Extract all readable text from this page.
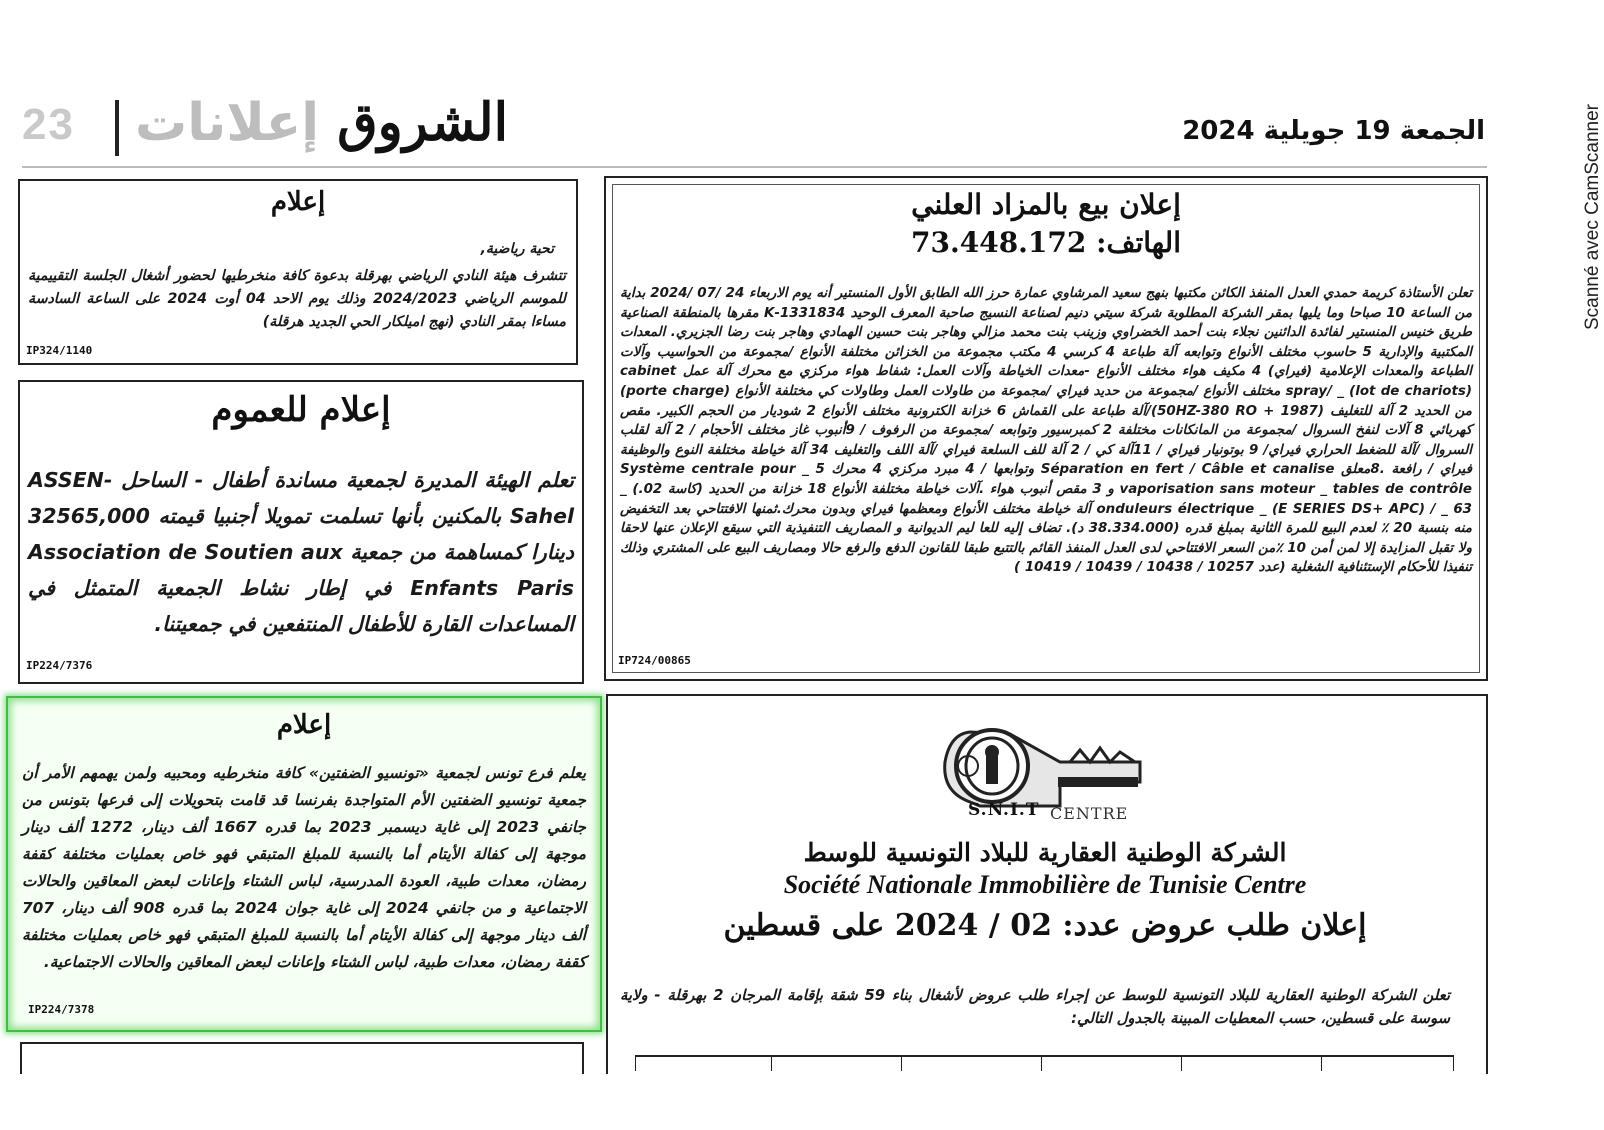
23	الشروق إعلانات	الجمعة 19 جويلية 2024	Scanné avec CamScanner
إعلان بيع بالمزاد العلني
الهاتف: 73.448.172
تعلن الأستاذة كريمة حمدي العدل المنفذ الكائن مكتبها بنهج سعيد المرشاوي عمارة حرز الله الطابق الأول المنستير أنه يوم الاربعاء 24 /07 /2024 بداية من الساعة 10 صباحا وما يليها بمقر الشركة المطلوبة شركة سيتي دنيم لصناعة النسيج صاحبة المعرف الوحيد 1331834-K مقرها بالمنطقة الصناعية طريق خنيس المنستير لفائدة الدائنين نجلاء بنت أحمد الخضراوي وزينب بنت محمد مزالي وهاجر بنت حسين الهمادي وهاجر بنت رضا الجزيري. المعدات المكتبية والإدارية 5 حاسوب مختلف الأنواع وتوابعه آلة طباعة 4 كرسي 4 مكتب مجموعة من الخزائن مختلفة الأنواع /مجموعة من الحواسيب وآلات الطباعة والمعدات الإعلامية (فيراي) 4 مكيف هواء مختلف الأنواع -معدات الخياطة وآلات العمل: شفاط هواء مركزي مع محرك آلة عمل cabinet spray/ _ (lot de chariots) مختلف الأنواع /مجموعة من حديد فيراي /مجموعة من طاولات العمل وطاولات كي مختلفة الأنواع (porte charge) من الحديد 2 آلة للتغليف (1987 + 50HZ-380 RO)/آلة طباعة على القماش 6 خزانة الكترونية مختلف الأنواع 2 شوديار من الحجم الكبير. مقص كهربائي 8 آلات لنفخ السروال /مجموعة من المانكانات مختلفة 2 كمبرسيور وتوابعه /مجموعة من الرفوف / 9أنبوب غاز مختلف الأحجام / 2 آلة لقلب السروال /آلة للضغط الحراري فيراي/ 9 بوتونيار فيراي / 11آلة كي / 2 آلة للف السلعة فيراي /آلة اللف والتغليف 34 آلة خياطة مختلفة النوع والوظيفة فيراي / رافعة .8معلق Séparation en fert / Câble et canalise وتوابعها / 4 مبرد مركزي 4 محرك 5 _ Système centrale pour vaporisation sans moteur _ tables de contrôle و 3 مقص أنبوب هواء .آلات خياطة مختلفة الأنواع 18 خزانة من الحديد (كاسة 02.) _ onduleurs électrique _ (E SERIES DS+ APC) / _ 63 آلة خياطة مختلف الأنواع ومعظمها فيراي وبدون محرك.ثمنها الافتتاحي بعد التخفيض منه بنسبة 20 ٪ لعدم البيع للمرة الثانية بمبلغ قدره (38.334.000 د). تضاف إليه للعا ليم الديوانية و المصاريف التنفيذية التي سيقع الإعلان عنها لاحقا ولا تقبل المزايدة إلا لمن أمن 10 ٪من السعر الافتتاحي لدى العدل المنفذ القائم بالتتبع طبقا للقانون الدفع والرفع حالا ومصاريف البيع على المشتري وذلك تنفيذا للأحكام الإستئنافية الشغلية (عدد 10257 / 10438 / 10439 / 10419 )
IP724/00865
إعلام
تحية رياضية,
تتشرف هيئة النادي الرياضي بهرقلة بدعوة كافة منخرطيها لحضور أشغال الجلسة التقييمية للموسم الرياضي 2024/2023 وذلك يوم الاحد 04 أوت 2024 على الساعة السادسة مساءا بمقر النادي (نهج اميلكار الحي الجديد هرقلة)
IP324/1140
إعلام للعموم
تعلم الهيئة المديرة لجمعية مساندة أطفال - الساحل ASSEN-Sahel بالمكنين بأنها تسلمت تمويلا أجنبيا قيمته 32565,000 دينارا كمساهمة من جمعية Association de Soutien aux Enfants Paris في إطار نشاط الجمعية المتمثل في المساعدات القارة للأطفال المنتفعين في جمعيتنا.
IP224/7376
إعلام
يعلم فرع تونس لجمعية «تونسيو الضفتين» كافة منخرطيه ومحبيه ولمن يهمهم الأمر أن جمعية تونسيو الضفتين الأم المتواجدة بفرنسا قد قامت بتحويلات إلى فرعها بتونس من جانفي 2023 إلى غاية ديسمبر 2023 بما قدره 1667 ألف دينار، 1272 ألف دينار موجهة إلى كفالة الأيتام أما بالنسبة للمبلغ المتبقي فهو خاص بعمليات مختلفة كقفة رمضان، معدات طبية، العودة المدرسية، لباس الشتاء وإعانات لبعض المعاقين والحالات الاجتماعية و من جانفي 2024 إلى غاية جوان 2024 بما قدره 908 ألف دينار، 707 ألف دينار موجهة إلى كفالة الأيتام أما بالنسبة للمبلغ المتبقي فهو خاص بعمليات مختلفة كقفة رمضان، معدات طبية، لباس الشتاء وإعانات لبعض المعاقين والحالات الاجتماعية.
IP224/7378
S.N.I.T CENTRE
الشركة الوطنية العقارية للبلاد التونسية للوسط
Société Nationale Immobilière de Tunisie Centre
إعلان طلب عروض عدد: 02 / 2024 على قسطين
تعلن الشركة الوطنية العقارية للبلاد التونسية للوسط عن إجراء طلب عروض لأشغال بناء 59 شقة بإقامة المرجان 2 بهرقلة - ولاية سوسة على قسطين، حسب المعطيات المبينة بالجدول التالي:
